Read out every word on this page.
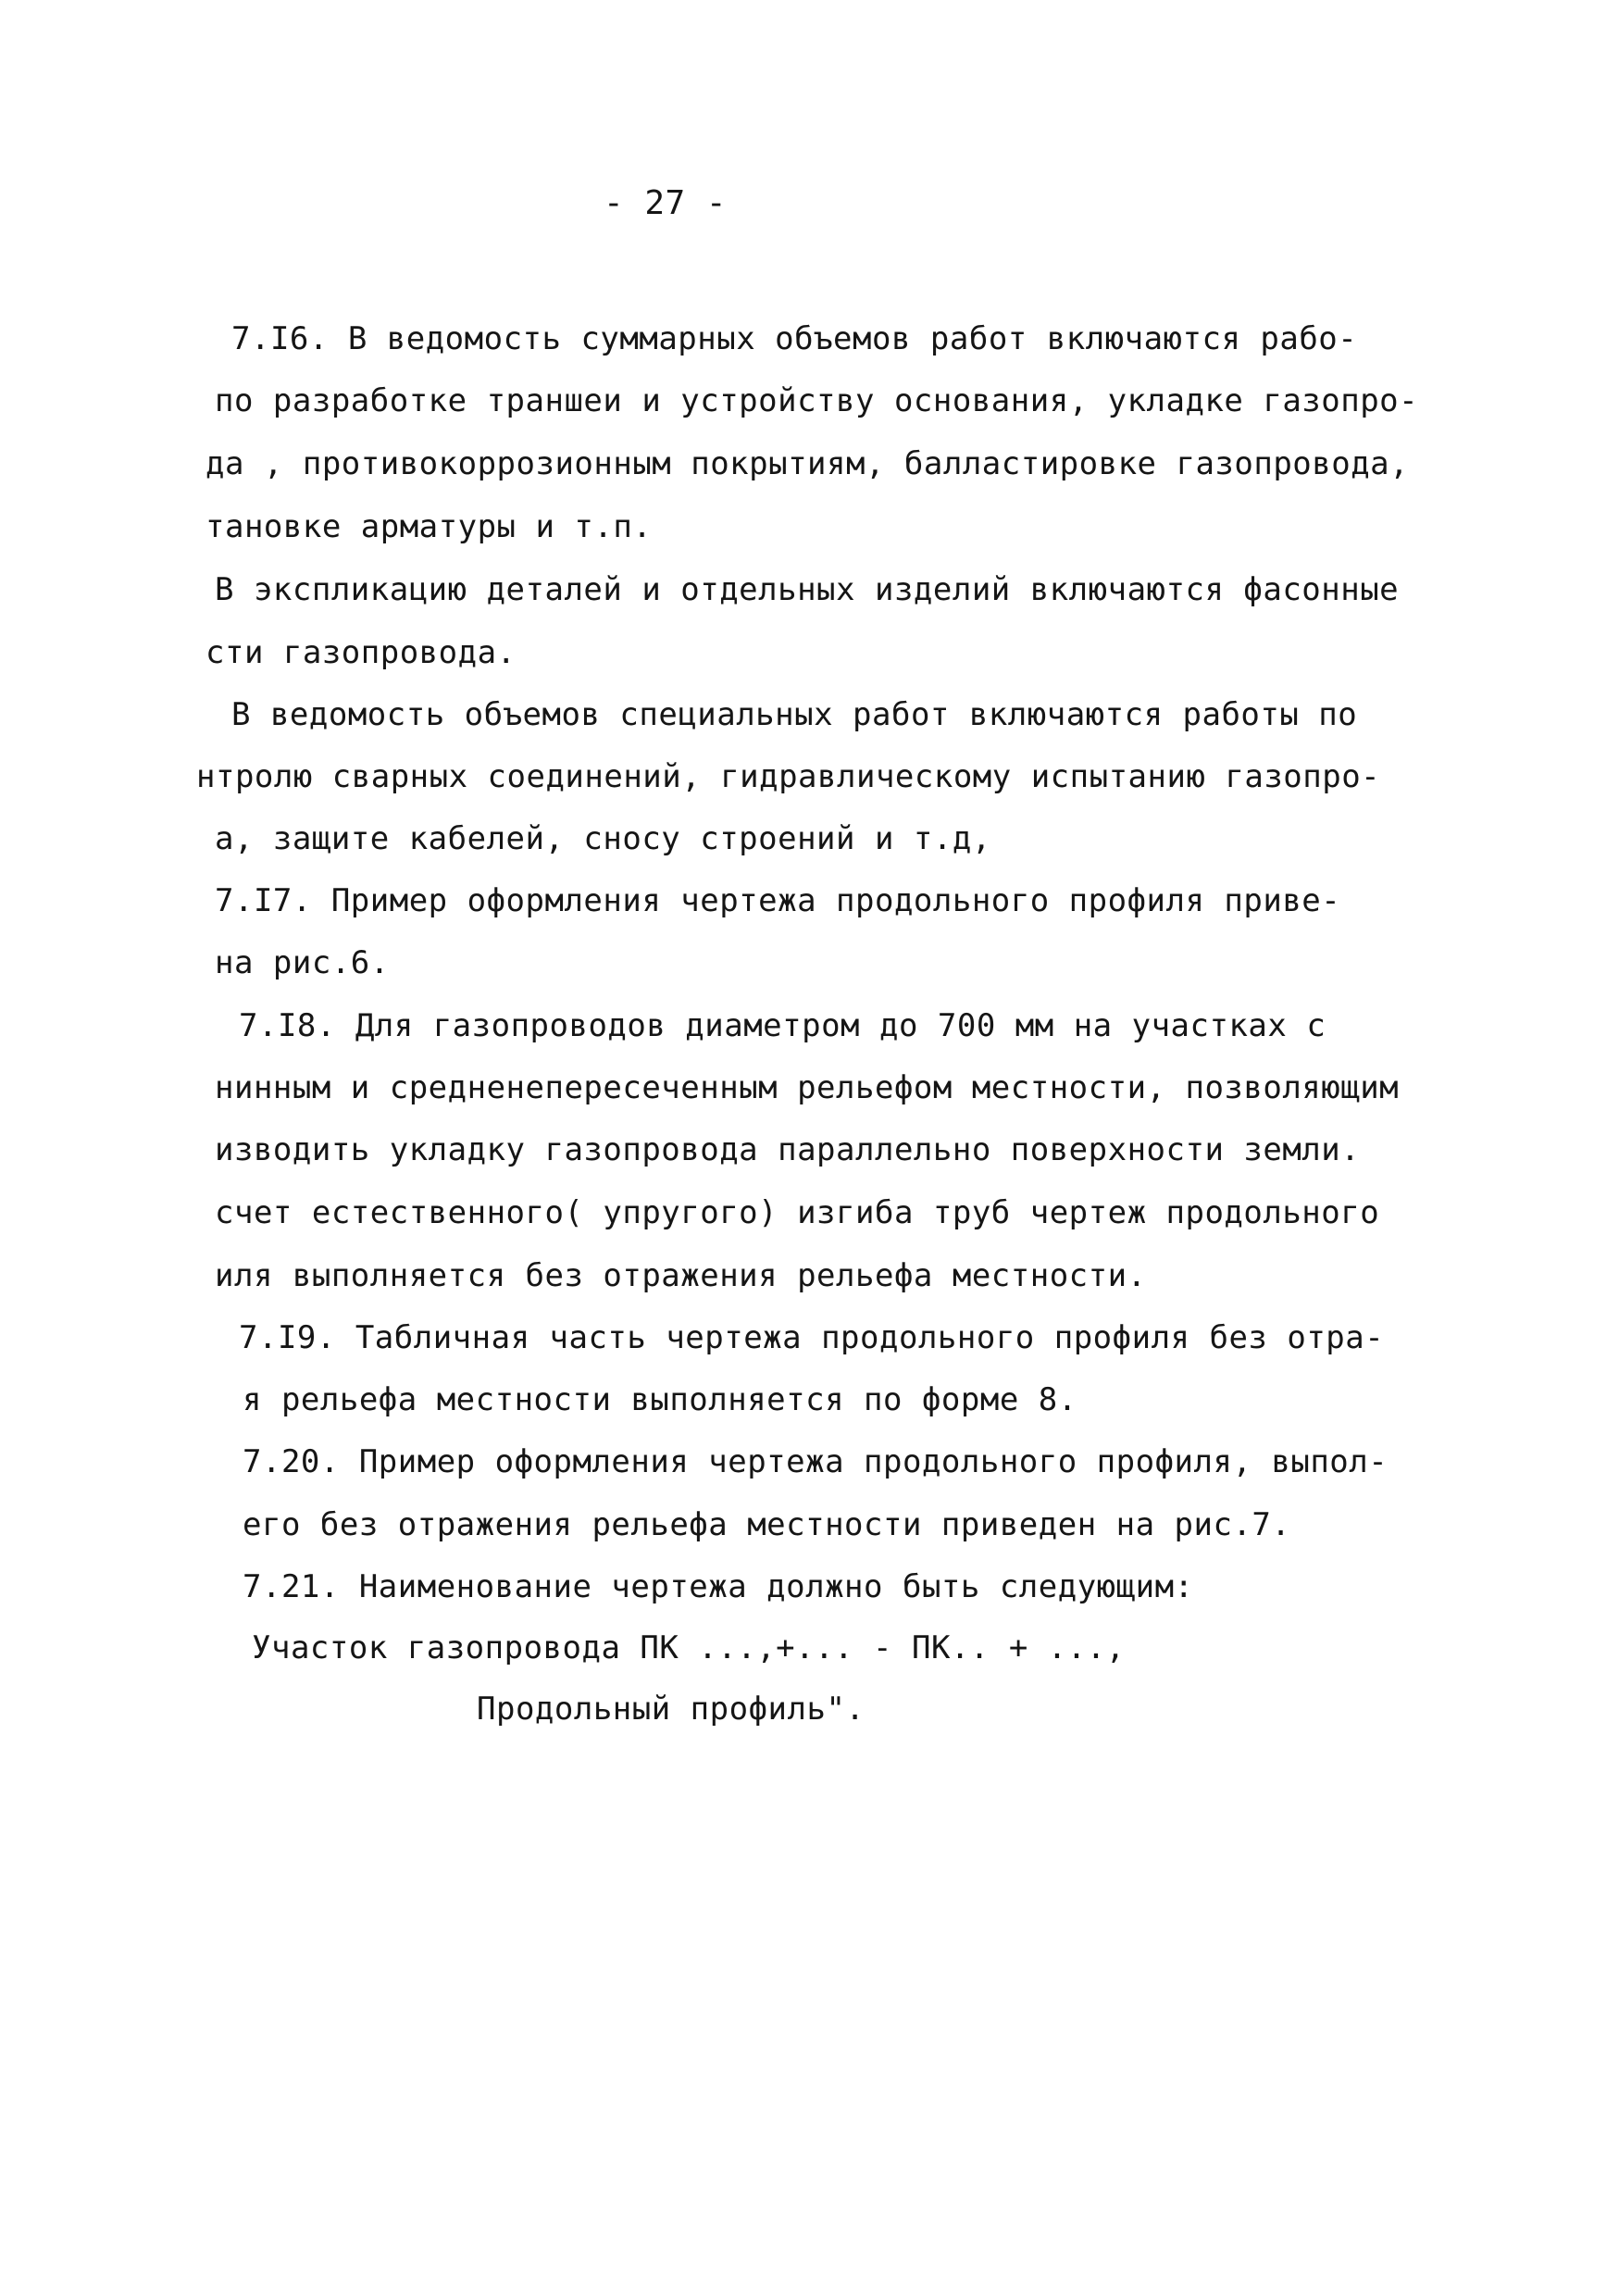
- 27 -
7.I6. В ведомость суммарных объемов работ включаются рабо-
по разработке траншеи и устройству основания, укладке газопро-
да , противокоррозионным покрытиям, балластировке газопровода,
тановке арматуры и т.п.
В экспликацию деталей и отдельных изделий включаются фасонные
сти газопровода.
В ведомость объемов специальных работ включаются работы по
нтролю сварных соединений, гидравлическому испытанию газопро-
а, защите кабелей, сносу строений и т.д,
7.I7. Пример оформления чертежа продольного профиля приве-
на рис.6.
7.I8. Для газопроводов диаметром до 700 мм на участках с
нинным и средненепересеченным рельефом местности, позволяющим
изводить укладку газопровода параллельно поверхности земли.
счет естественного( упругого) изгиба труб чертеж продольного
иля выполняется без отражения рельефа местности.
7.I9. Табличная часть чертежа продольного профиля без отра-
я рельефа местности выполняется по форме 8.
7.20. Пример оформления чертежа продольного профиля, выпол-
его без отражения рельефа местности приведен на рис.7.
7.21. Наименование чертежа должно быть следующим:
Участок газопровода ПК ...,+... - ПК.. + ...,
Продольный профиль".
